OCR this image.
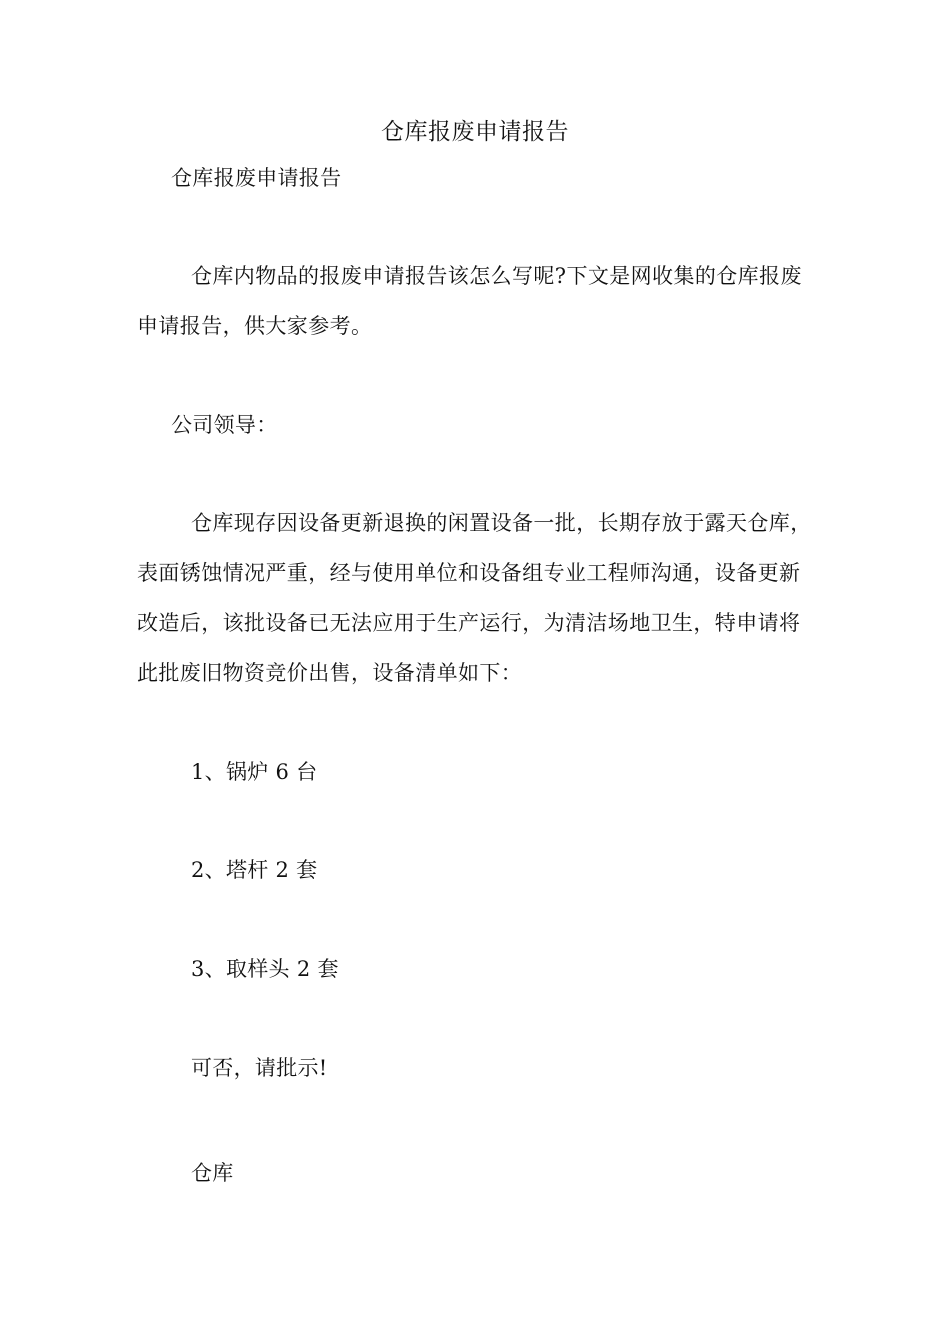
仓库报废申请报告
仓库报废申请报告

仓库内物品的报废申请报告该怎么写呢?下文是网收集的仓库报废申请报告，供大家参考。

公司领导：

仓库现存因设备更新退换的闲置设备一批，长期存放于露天仓库，表面锈蚀情况严重，经与使用单位和设备组专业工程师沟通，设备更新改造后，该批设备已无法应用于生产运行，为清洁场地卫生，特申请将此批废旧物资竞价出售，设备清单如下：

1、锅炉 6 台
2、塔杆 2 套
3、取样头 2 套
可否，请批示!
仓库
